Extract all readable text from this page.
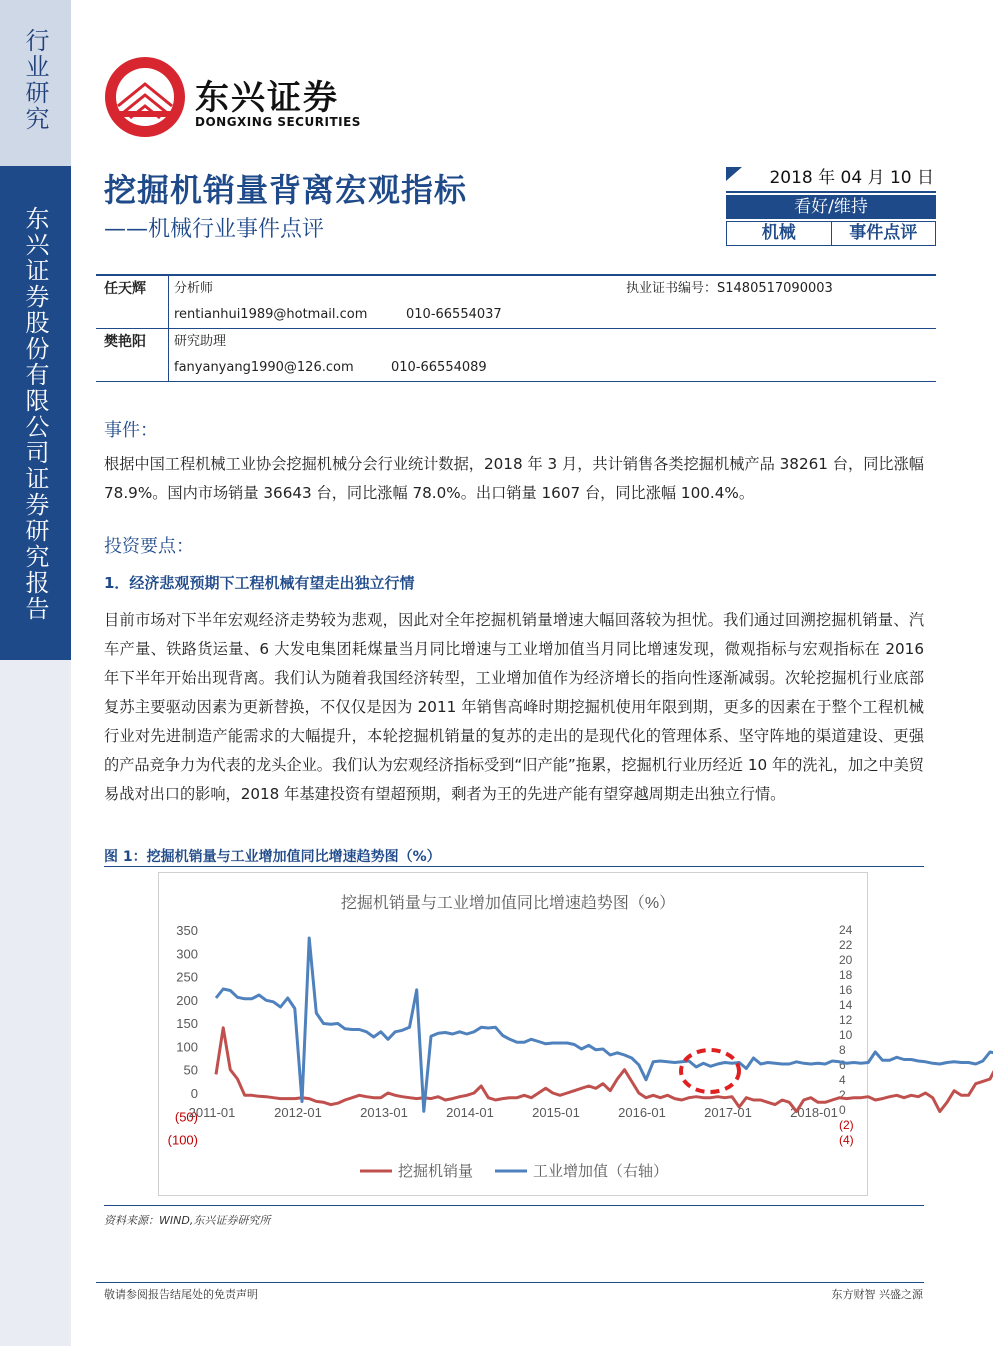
行业研究
东兴证券股份有限公司证券研究报告
东兴证券
DONGXING SECURITIES
挖掘机销量背离宏观指标
——机械行业事件点评
2018 年 04 月 10 日
看好/维持
机械	事件点评
任天辉 分析师	执业证书编号：S1480517090003
rentianhui1989@hotmail.com	010-66554037
樊艳阳 研究助理
fanyanyang1990@126.com	010-66554089
事件：
根据中国工程机械工业协会挖掘机械分会行业统计数据，2018 年 3 月，共计销售各类挖掘机械产品 38261 台，同比涨幅 78.9%。国内市场销量 36643 台，同比涨幅 78.0%。出口销量 1607 台，同比涨幅 100.4%。
投资要点：
1．经济悲观预期下工程机械有望走出独立行情
目前市场对下半年宏观经济走势较为悲观，因此对全年挖掘机销量增速大幅回落较为担忧。我们通过回溯挖掘机销量、汽车产量、铁路货运量、6 大发电集团耗煤量当月同比增速与工业增加值当月同比增速发现，微观指标与宏观指标在 2016 年下半年开始出现背离。我们认为随着我国经济转型，工业增加值作为经济增长的指向性逐渐减弱。次轮挖掘机行业底部复苏主要驱动因素为更新替换，不仅仅是因为 2011 年销售高峰时期挖掘机使用年限到期，更多的因素在于整个工程机械行业对先进制造产能需求的大幅提升，本轮挖掘机销量的复苏的走出的是现代化的管理体系、坚守阵地的渠道建设、更强的产品竞争力为代表的龙头企业。我们认为宏观经济指标受到“旧产能”拖累，挖掘机行业历经近 10 年的洗礼，加之中美贸易战对出口的影响，2018 年基建投资有望超预期，剩者为王的先进产能有望穿越周期走出独立行情。
图 1：挖掘机销量与工业增加值同比增速趋势图（%）
挖掘机销量与工业增加值同比增速趋势图（%）
350
300
250
200
150
100
50
0
(50)
(100)
24
22
20
18
16
14
12
10
8
6
4
2
0
(2)
(4)
2011-01	2012-01	2013-01	2014-01	2015-01	2016-01	2017-01	2018-01
挖掘机销量	工业增加值（右轴）
资料来源：WIND,东兴证券研究所
敬请参阅报告结尾处的免责声明	东方财智 兴盛之源
